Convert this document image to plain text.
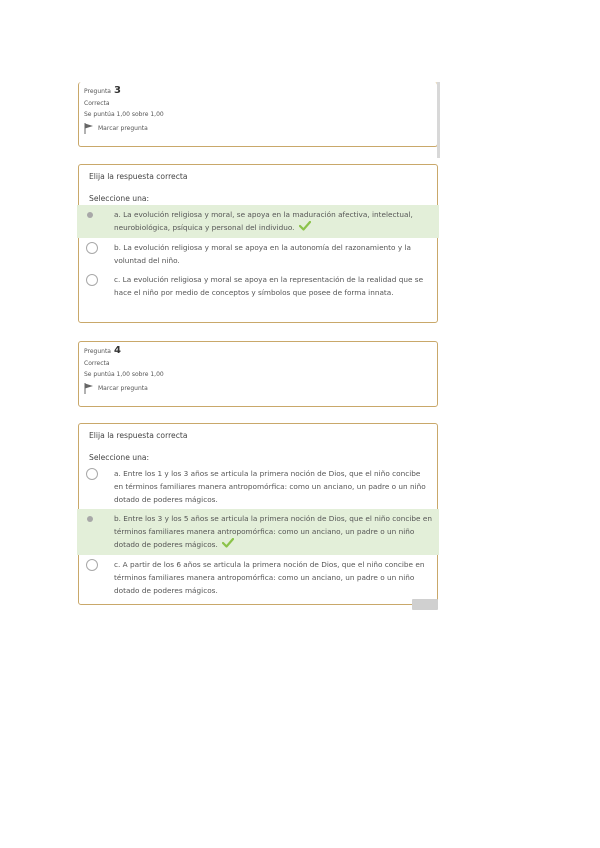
Pregunta 3
Correcta
Se puntúa 1,00 sobre 1,00
Marcar pregunta
Elija la respuesta correcta
Seleccione una:
a. La evolución religiosa y moral, se apoya en la maduración afectiva, intelectual, neurobiológica, psíquica y personal del individuo.
b. La evolución religiosa y moral se apoya en la autonomía del razonamiento y la voluntad del niño.
c. La evolución religiosa y moral se apoya en la representación de la realidad que se hace el niño por medio de conceptos y símbolos que posee de forma innata.
Pregunta 4
Correcta
Se puntúa 1,00 sobre 1,00
Marcar pregunta
Elija la respuesta correcta
Seleccione una:
a. Entre los 1 y los 3 años se articula la primera noción de Dios, que el niño concibe en términos familiares manera antropomórfica: como un anciano, un padre o un niño dotado de poderes mágicos.
b. Entre los 3 y los 5 años se articula la primera noción de Dios, que el niño concibe en términos familiares manera antropomórfica: como un anciano, un padre o un niño dotado de poderes mágicos.
c. A partir de los 6 años se articula la primera noción de Dios, que el niño concibe en términos familiares manera antropomórfica: como un anciano, un padre o un niño dotado de poderes mágicos.
